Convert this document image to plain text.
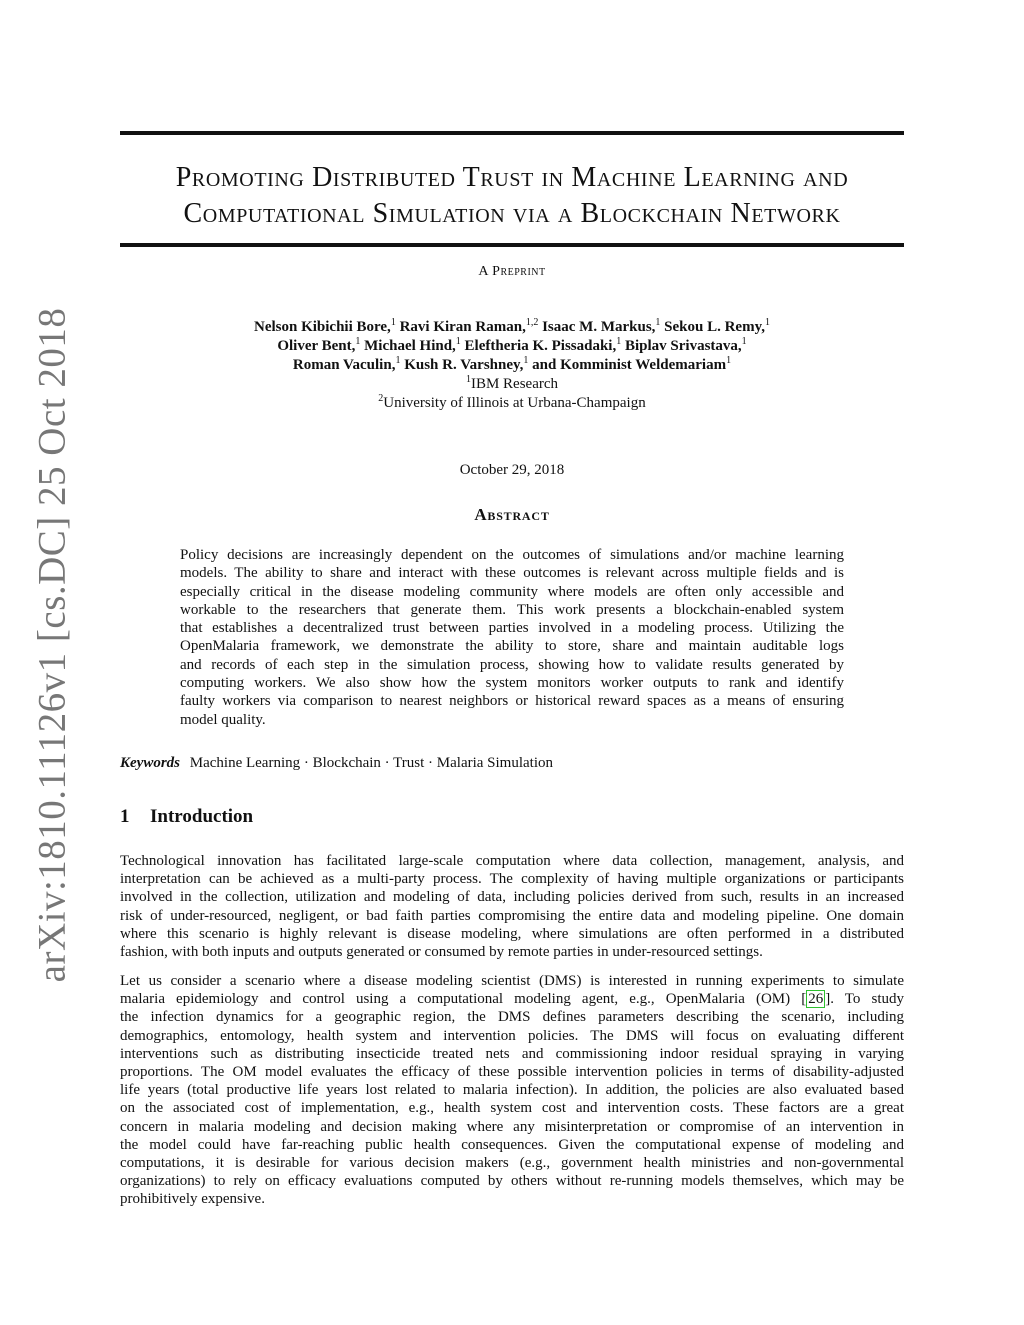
arXiv:1810.11126v1 [cs.DC] 25 Oct 2018
Promoting Distributed Trust in Machine Learning and
Computational Simulation via a Blockchain Network
A Preprint
Nelson Kibichii Bore,$^1$ Ravi Kiran Raman,$^{1,2}$ Isaac M. Markus,$^1$ Sekou L. Remy,$^1$
Oliver Bent,$^1$ Michael Hind,$^1$ Eleftheria K. Pissadaki,$^1$ Biplav Srivastava,$^1$
Roman Vaculin,$^1$ Kush R. Varshney,$^1$ and Komminist Weldemariam$^1$
$^1$IBM Research
$^2$University of Illinois at Urbana-Champaign
October 29, 2018
Abstract
Policy decisions are increasingly dependent on the outcomes of simulations and/or machine learning
models. The ability to share and interact with these outcomes is relevant across multiple fields and is
especially critical in the disease modeling community where models are often only accessible and
workable to the researchers that generate them. This work presents a blockchain-enabled system
that establishes a decentralized trust between parties involved in a modeling process. Utilizing the
OpenMalaria framework, we demonstrate the ability to store, share and maintain auditable logs
and records of each step in the simulation process, showing how to validate results generated by
computing workers. We also show how the system monitors worker outputs to rank and identify
faulty workers via comparison to nearest neighbors or historical reward spaces as a means of ensuring
model quality.
Keywords Machine Learning · Blockchain · Trust · Malaria Simulation
1 Introduction
Technological innovation has facilitated large-scale computation where data collection, management, analysis, and
interpretation can be achieved as a multi-party process. The complexity of having multiple organizations or participants
involved in the collection, utilization and modeling of data, including policies derived from such, results in an increased
risk of under-resourced, negligent, or bad faith parties compromising the entire data and modeling pipeline. One domain
where this scenario is highly relevant is disease modeling, where simulations are often performed in a distributed
fashion, with both inputs and outputs generated or consumed by remote parties in under-resourced settings.
Let us consider a scenario where a disease modeling scientist (DMS) is interested in running experiments to simulate
malaria epidemiology and control using a computational modeling agent, e.g., OpenMalaria (OM) [ 26 ]. To study
the infection dynamics for a geographic region, the DMS defines parameters describing the scenario, including
demographics, entomology, health system and intervention policies. The DMS will focus on evaluating different
interventions such as distributing insecticide treated nets and commissioning indoor residual spraying in varying
proportions. The OM model evaluates the efficacy of these possible intervention policies in terms of disability-adjusted
life years (total productive life years lost related to malaria infection). In addition, the policies are also evaluated based
on the associated cost of implementation, e.g., health system cost and intervention costs. These factors are a great
concern in malaria modeling and decision making where any misinterpretation or compromise of an intervention in
the model could have far-reaching public health consequences. Given the computational expense of modeling and
computations, it is desirable for various decision makers (e.g., government health ministries and non-governmental
organizations) to rely on efficacy evaluations computed by others without re-running models themselves, which may be
prohibitively expensive.
